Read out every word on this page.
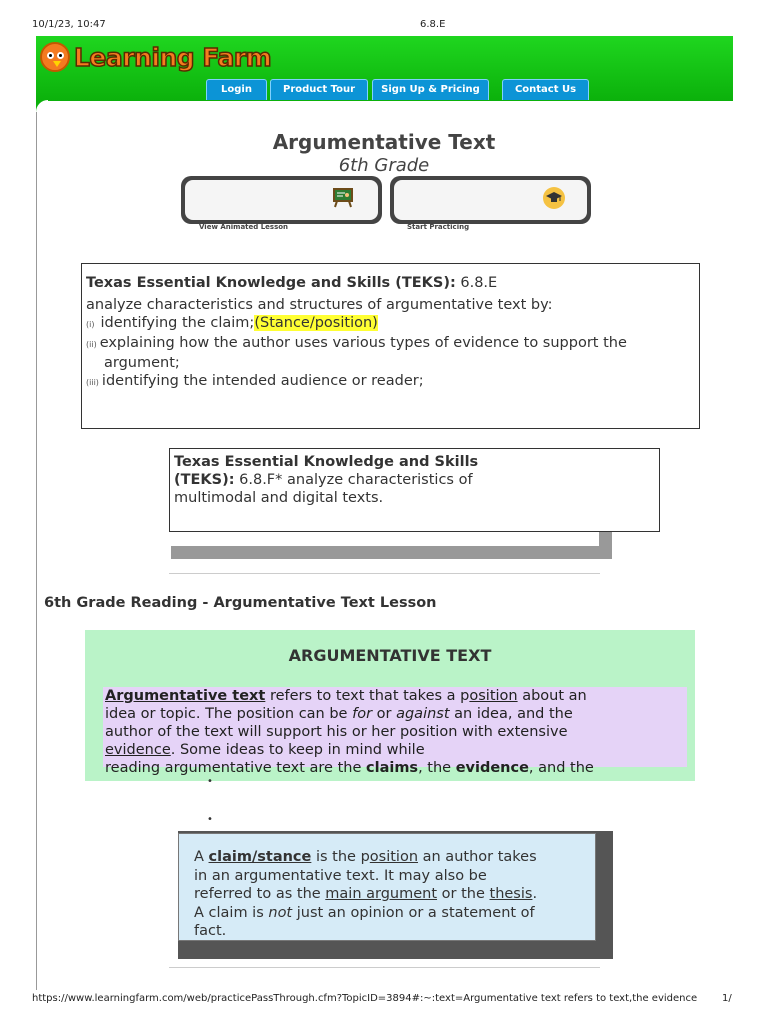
10/1/23, 10:47	6.8.E
Learning Farm
Login	Product Tour	Sign Up & Pricing	Contact Us
Argumentative Text
6th Grade
View Animated Lesson	Start Practicing
Texas Essential Knowledge and Skills (TEKS): 6.8.E
analyze characteristics and structures of argumentative text by:
(i) identifying the claim;(Stance/position)
(ii) explaining how the author uses various types of evidence to support the
argument;
(iii) identifying the intended audience or reader;
Texas Essential Knowledge and Skills
(TEKS): 6.8.F* analyze characteristics of
multimodal and digital texts.
6th Grade Reading - Argumentative Text Lesson
ARGUMENTATIVE TEXT
Argumentative text refers to text that takes a position about an
idea or topic. The position can be for or against an idea, and the
author of the text will support his or her position with extensive
evidence. Some ideas to keep in mind while
reading argumentative text are the claims, the evidence, and the
•
•
A claim/stance is the position an author takes
in an argumentative text. It may also be
referred to as the main argument or the thesis.
A claim is not just an opinion or a statement of
fact.
https://www.learningfarm.com/web/practicePassThrough.cfm?TopicID=3894#:~:text=Argumentative text refers to text,the evidence 1/
